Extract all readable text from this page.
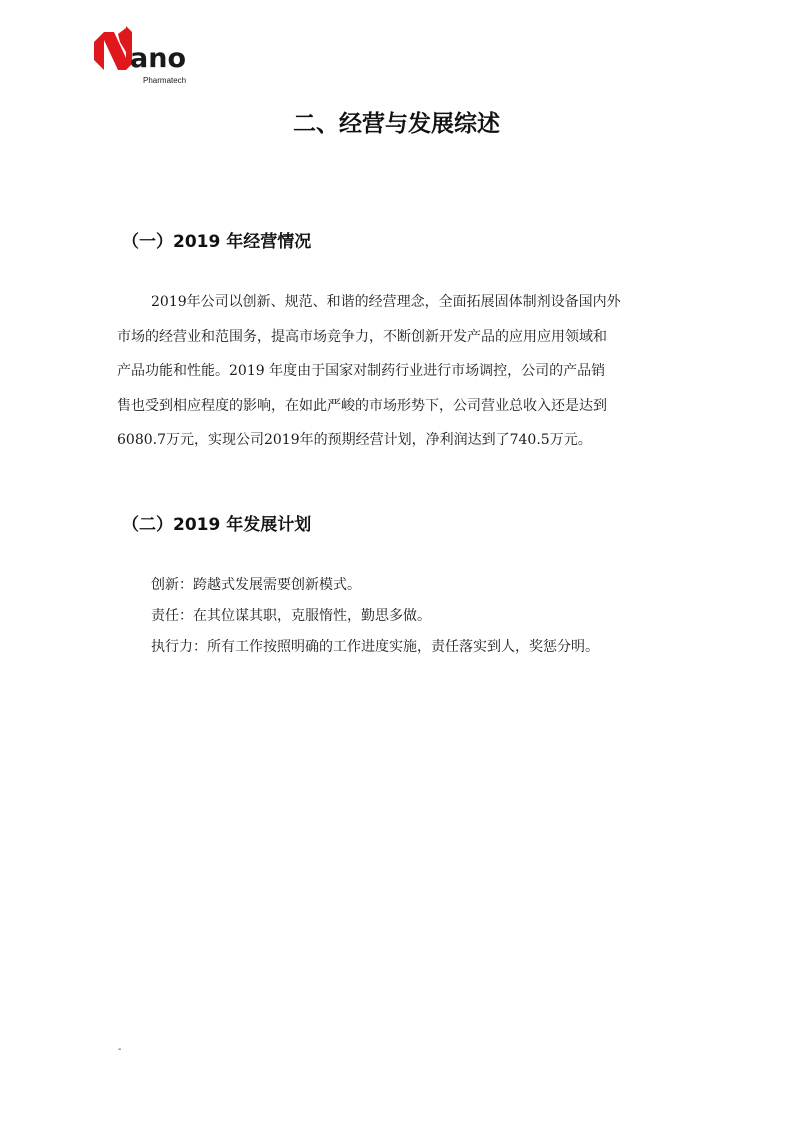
ano
Pharmatech
二、经营与发展综述
（一）2019 年经营情况
2019年公司以创新、规范、和谐的经营理念，全面拓展固体制剂设备国内外
市场的经营业和范围务，提高市场竞争力，不断创新开发产品的应用应用领域和
产品功能和性能。2019 年度由于国家对制药行业进行市场调控，公司的产品销
售也受到相应程度的影响，在如此严峻的市场形势下，公司营业总收入还是达到
6080.7万元，实现公司2019年的预期经营计划，净利润达到了740.5万元。
（二）2019 年发展计划
创新：跨越式发展需要创新模式。
责任：在其位谋其职，克服惰性，勤思多做。
执行力：所有工作按照明确的工作进度实施，责任落实到人，奖惩分明。
-
